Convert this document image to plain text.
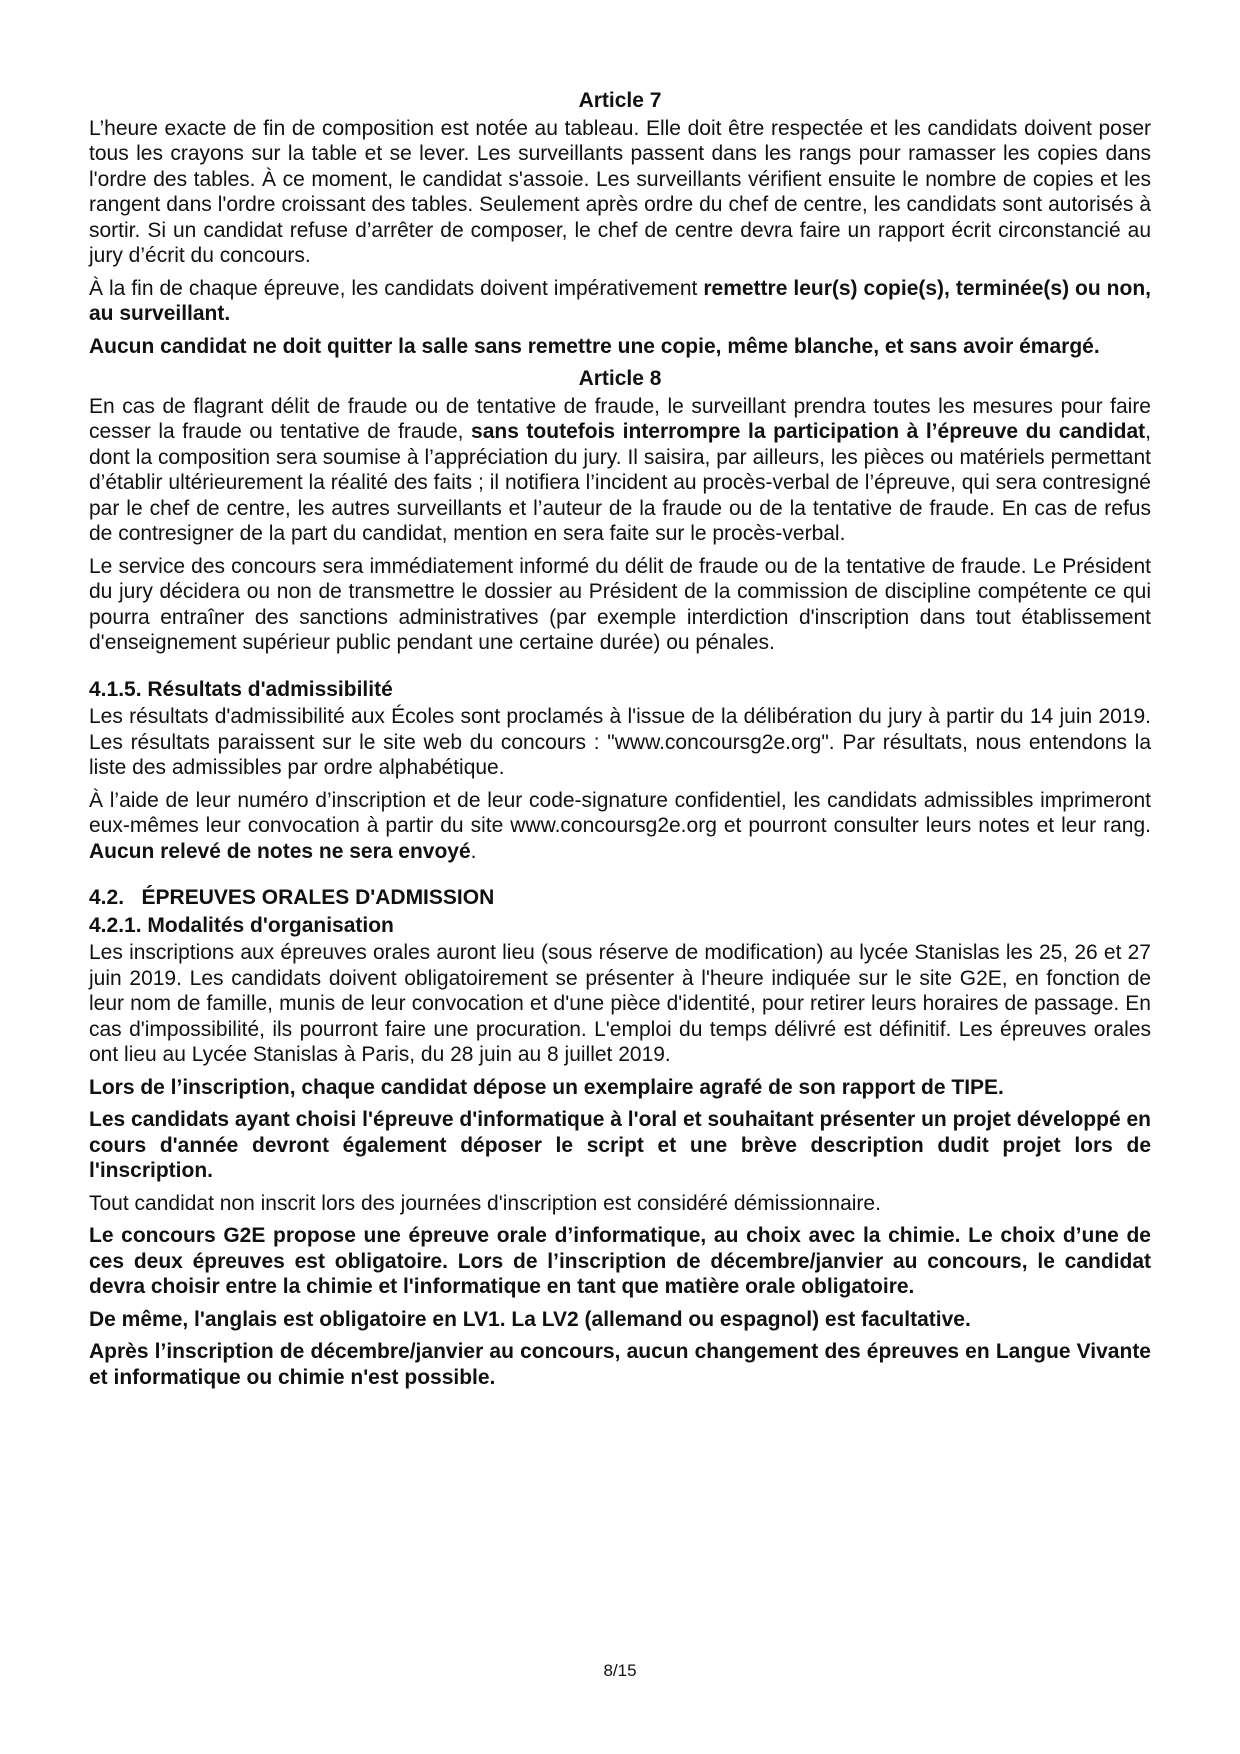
Article 7

L’heure exacte de fin de composition est notée au tableau. Elle doit être respectée et les candidats doivent poser tous les crayons sur la table et se lever. Les surveillants passent dans les rangs pour ramasser les copies dans l'ordre des tables. À ce moment, le candidat s'assoie. Les surveillants vérifient ensuite le nombre de copies et les rangent dans l'ordre croissant des tables. Seulement après ordre du chef de centre, les candidats sont autorisés à sortir. Si un candidat refuse d’arrêter de composer, le chef de centre devra faire un rapport écrit circonstancié au jury d’écrit du concours.

À la fin de chaque épreuve, les candidats doivent impérativement remettre leur(s) copie(s), terminée(s) ou non, au surveillant.

Aucun candidat ne doit quitter la salle sans remettre une copie, même blanche, et sans avoir émargé.

Article 8

En cas de flagrant délit de fraude ou de tentative de fraude, le surveillant prendra toutes les mesures pour faire cesser la fraude ou tentative de fraude, sans toutefois interrompre la participation à l’épreuve du candidat, dont la composition sera soumise à l’appréciation du jury. Il saisira, par ailleurs, les pièces ou matériels permettant d’établir ultérieurement la réalité des faits ; il notifiera l’incident au procès-verbal de l’épreuve, qui sera contresigné par le chef de centre, les autres surveillants et l’auteur de la fraude ou de la tentative de fraude. En cas de refus de contresigner de la part du candidat, mention en sera faite sur le procès-verbal.

Le service des concours sera immédiatement informé du délit de fraude ou de la tentative de fraude. Le Président du jury décidera ou non de transmettre le dossier au Président de la commission de discipline compétente ce qui pourra entraîner des sanctions administratives (par exemple interdiction d'inscription dans tout établissement d'enseignement supérieur public pendant une certaine durée) ou pénales.

4.1.5. Résultats d'admissibilité

Les résultats d'admissibilité aux Écoles sont proclamés à l'issue de la délibération du jury à partir du 14 juin 2019. Les résultats paraissent sur le site web du concours : "www.concoursg2e.org". Par résultats, nous entendons la liste des admissibles par ordre alphabétique.

À l’aide de leur numéro d’inscription et de leur code-signature confidentiel, les candidats admissibles imprimeront eux-mêmes leur convocation à partir du site www.concoursg2e.org et pourront consulter leurs notes et leur rang. Aucun relevé de notes ne sera envoyé.

4.2.   ÉPREUVES ORALES D'ADMISSION
4.2.1. Modalités d'organisation

Les inscriptions aux épreuves orales auront lieu (sous réserve de modification) au lycée Stanislas les 25, 26 et 27 juin 2019. Les candidats doivent obligatoirement se présenter à l'heure indiquée sur le site G2E, en fonction de leur nom de famille, munis de leur convocation et d'une pièce d'identité, pour retirer leurs horaires de passage. En cas d'impossibilité, ils pourront faire une procuration. L'emploi du temps délivré est définitif. Les épreuves orales ont lieu au Lycée Stanislas à Paris, du 28 juin au 8 juillet 2019.

Lors de l’inscription, chaque candidat dépose un exemplaire agrafé de son rapport de TIPE.

Les candidats ayant choisi l'épreuve d'informatique à l'oral et souhaitant présenter un projet développé en cours d'année devront également déposer le script et une brève description dudit projet lors de l'inscription.

Tout candidat non inscrit lors des journées d'inscription est considéré démissionnaire.

Le concours G2E propose une épreuve orale d’informatique, au choix avec la chimie. Le choix d’une de ces deux épreuves est obligatoire. Lors de l’inscription de décembre/janvier au concours, le candidat devra choisir entre la chimie et l'informatique en tant que matière orale obligatoire.

De même, l'anglais est obligatoire en LV1. La LV2 (allemand ou espagnol) est facultative.

Après l’inscription de décembre/janvier au concours, aucun changement des épreuves en Langue Vivante et informatique ou chimie n'est possible.

8/15
